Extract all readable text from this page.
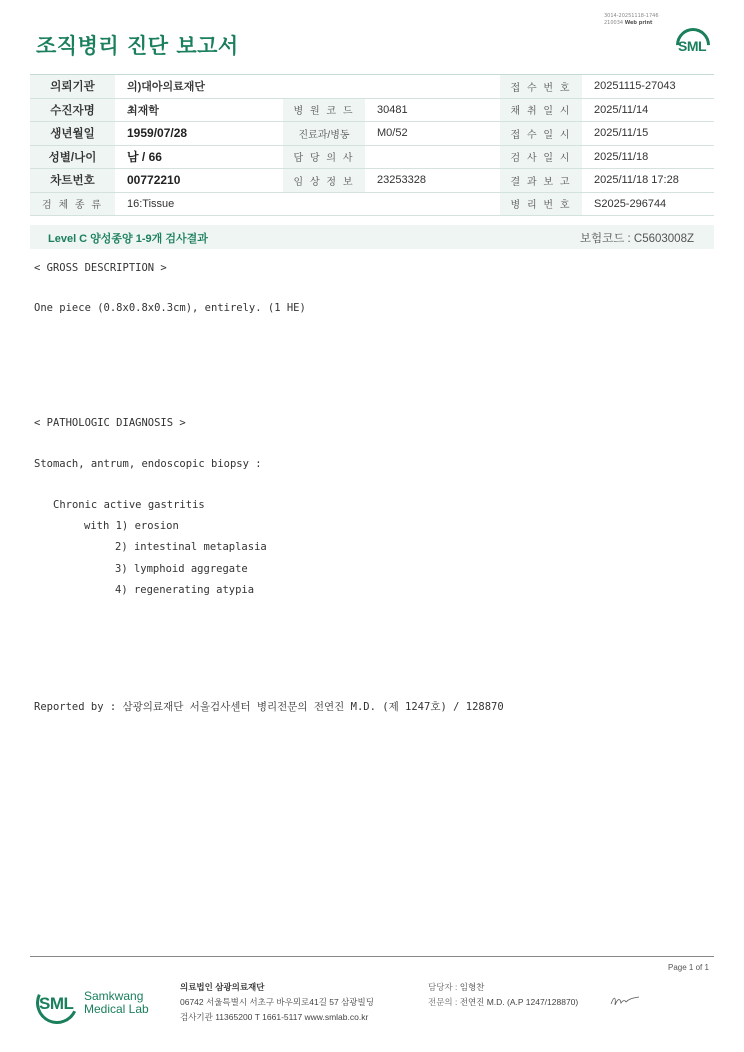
3014-20251118-1746
210034 Web print
조직병리 진단 보고서	SML
의뢰기관	의)대아의료재단			접 수 번 호	20251115-27043
수진자명	최재학	병 원 코 드	30481	채 취 일 시	2025/11/14
생년월일	1959/07/28	진료과/병동	M0/52	접 수 일 시	2025/11/15
성별/나이	남 / 66	담 당 의 사		검 사 일 시	2025/11/18
차트번호	00772210	임 상 정 보	23253328	결 과 보 고	2025/11/18 17:28
검 체 종 류	16:Tissue			병 리 번 호	S2025-296744
Level C 양성종양 1-9개 검사결과	보험코드 : C5603008Z
< GROSS DESCRIPTION >
One piece (0.8x0.8x0.3cm), entirely. (1 HE)
< PATHOLOGIC DIAGNOSIS >
Stomach, antrum, endoscopic biopsy :
Chronic active gastritis
with 1) erosion
2) intestinal metaplasia
3) lymphoid aggregate
4) regenerating atypia
Reported by : 삼광의료재단 서울검사센터 병리전문의 전연진 M.D. (제 1247호) / 128870
Page 1 of 1
SML Samkwang
Medical Lab
의료법인 삼광의료재단
06742 서울특별시 서초구 바우뫼로41길 57 삼광빌딩
검사기관 11365200 T 1661-5117 www.smlab.co.kr
담당자 : 임형찬
전문의 : 전연진 M.D. (A.P 1247/128870)
